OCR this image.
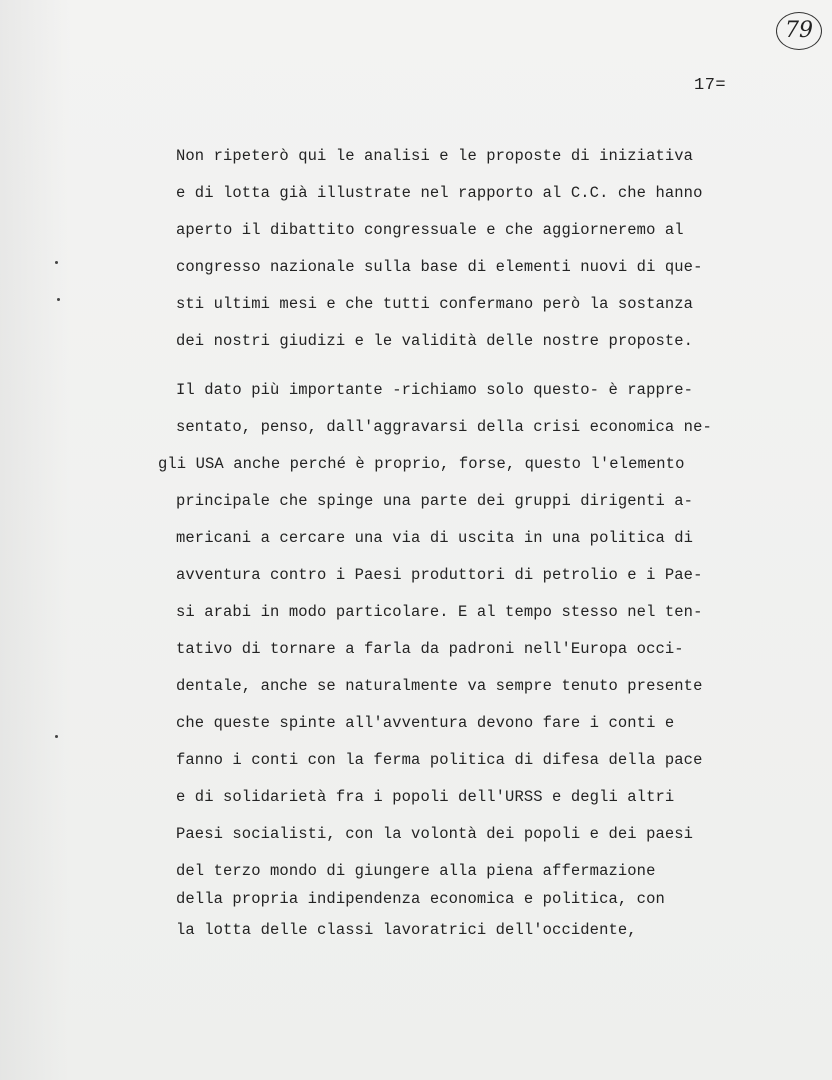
79
17=
Non ripeterò qui le analisi e le proposte di iniziativa
e di lotta già illustrate nel rapporto al C.C. che hanno
aperto il dibattito congressuale e che aggiorneremo al
congresso nazionale sulla base di elementi nuovi di que-
sti ultimi mesi e che tutti confermano però la sostanza
dei nostri giudizi e le validità delle nostre proposte.
Il dato più importante -richiamo solo questo- è rappre-
sentato, penso, dall'aggravarsi della crisi economica ne-
gli USA anche perché è proprio, forse, questo l'elemento
principale che spinge una parte dei gruppi dirigenti a-
mericani a cercare una via di uscita in una politica di
avventura contro i Paesi produttori di petrolio e i Pae-
si arabi in modo particolare. E al tempo stesso nel ten-
tativo di tornare a farla da padroni nell'Europa occi-
dentale, anche se naturalmente va sempre tenuto presente
che queste spinte all'avventura devono fare i conti e
fanno i conti con la ferma politica di difesa della pace
e di solidarietà fra i popoli dell'URSS e degli altri
Paesi socialisti, con la volontà dei popoli e dei paesi
del terzo mondo di giungere alla piena affermazione
della propria indipendenza economica e politica, con
la lotta delle classi lavoratrici dell'occidente,
